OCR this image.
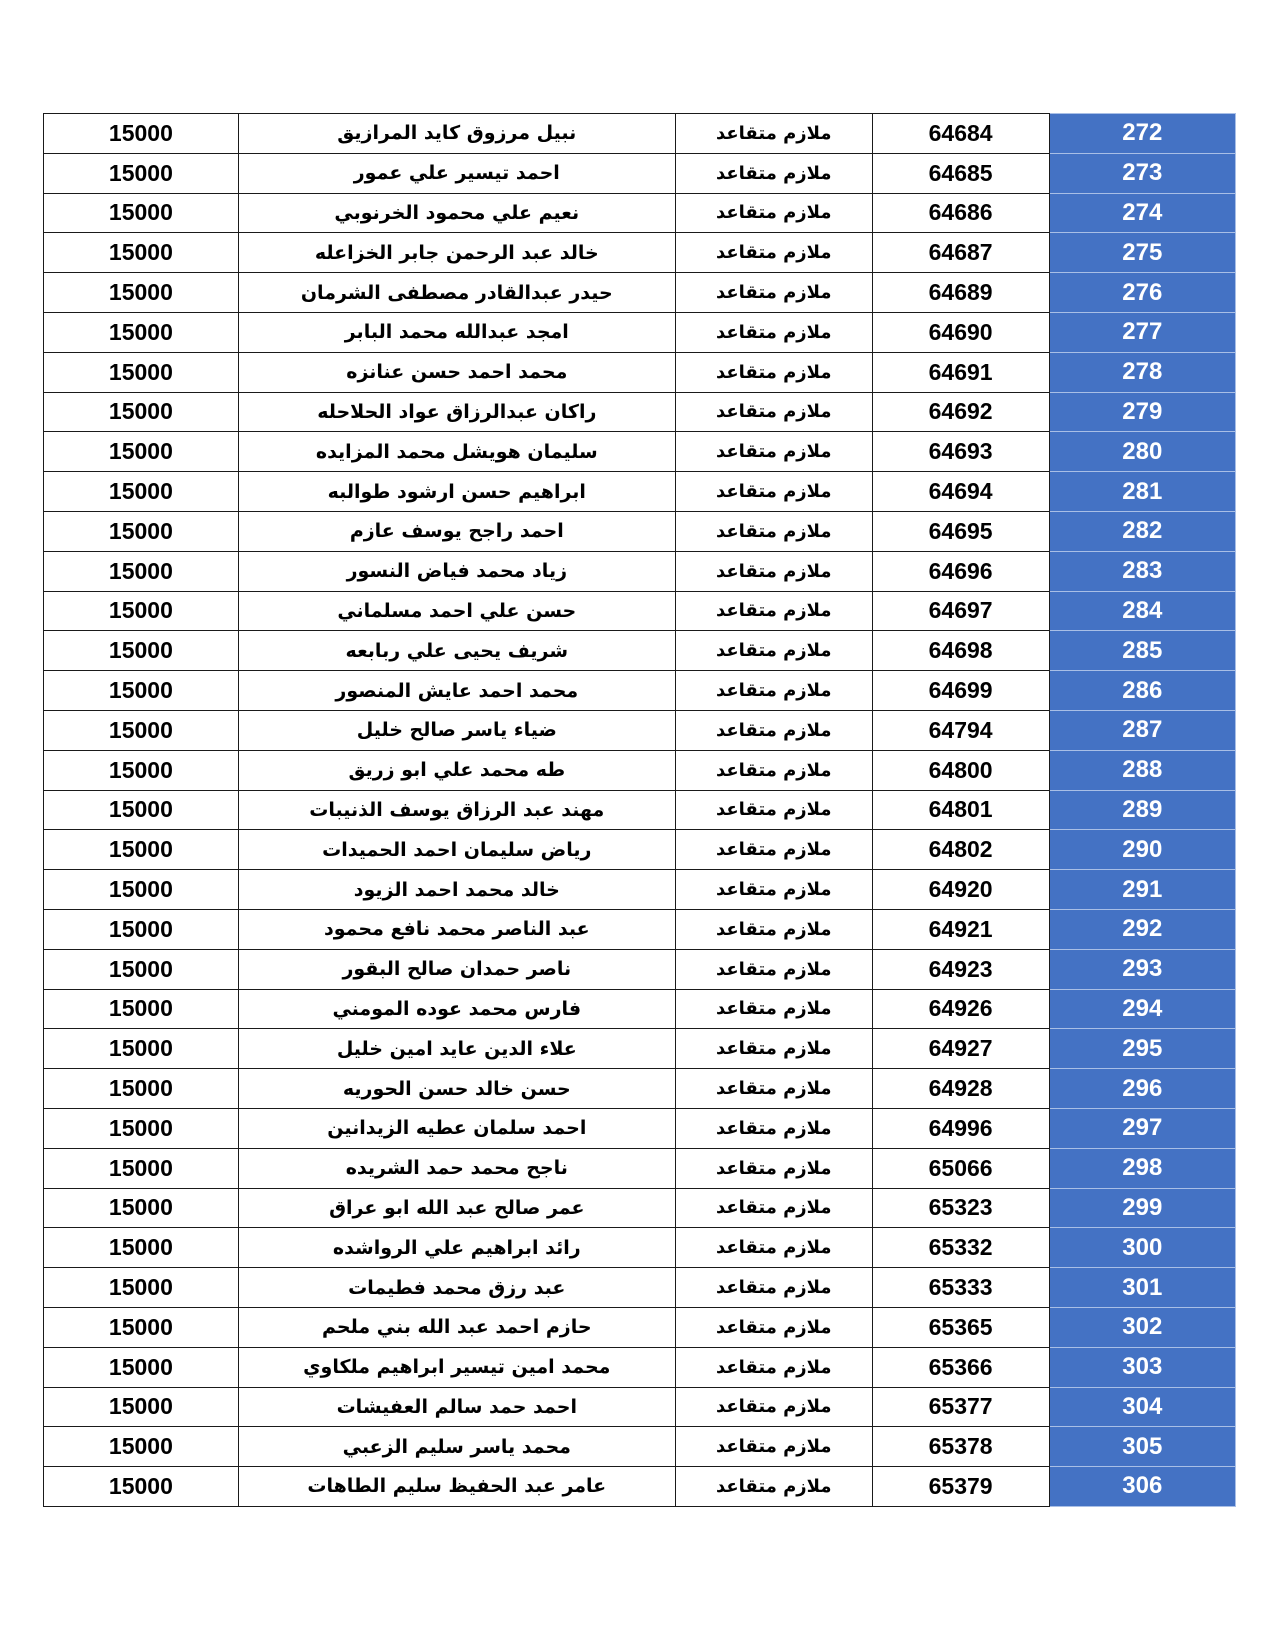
15000	نبيل مرزوق كايد المرازيق	ملازم متقاعد	64684	272
15000	احمد تيسير علي عمور	ملازم متقاعد	64685	273
15000	نعيم علي محمود الخرنوبي	ملازم متقاعد	64686	274
15000	خالد عبد الرحمن جابر الخزاعله	ملازم متقاعد	64687	275
15000	حيدر عبدالقادر مصطفى الشرمان	ملازم متقاعد	64689	276
15000	امجد عبدالله محمد البابر	ملازم متقاعد	64690	277
15000	محمد احمد حسن عنانزه	ملازم متقاعد	64691	278
15000	راكان عبدالرزاق عواد الحلاحله	ملازم متقاعد	64692	279
15000	سليمان هويشل محمد المزايده	ملازم متقاعد	64693	280
15000	ابراهيم حسن ارشود طوالبه	ملازم متقاعد	64694	281
15000	احمد راجح يوسف عازم	ملازم متقاعد	64695	282
15000	زياد محمد فياض النسور	ملازم متقاعد	64696	283
15000	حسن علي احمد مسلماني	ملازم متقاعد	64697	284
15000	شريف يحيى علي ربابعه	ملازم متقاعد	64698	285
15000	محمد احمد عايش المنصور	ملازم متقاعد	64699	286
15000	ضياء ياسر صالح خليل	ملازم متقاعد	64794	287
15000	طه محمد علي ابو زريق	ملازم متقاعد	64800	288
15000	مهند عبد الرزاق يوسف الذنيبات	ملازم متقاعد	64801	289
15000	رياض سليمان احمد الحميدات	ملازم متقاعد	64802	290
15000	خالد محمد احمد الزيود	ملازم متقاعد	64920	291
15000	عبد الناصر محمد نافع محمود	ملازم متقاعد	64921	292
15000	ناصر حمدان صالح البقور	ملازم متقاعد	64923	293
15000	فارس محمد عوده المومني	ملازم متقاعد	64926	294
15000	علاء الدين عايد امين خليل	ملازم متقاعد	64927	295
15000	حسن خالد حسن الحوريه	ملازم متقاعد	64928	296
15000	احمد سلمان عطيه الزيدانين	ملازم متقاعد	64996	297
15000	ناجح محمد حمد الشريده	ملازم متقاعد	65066	298
15000	عمر صالح عبد الله ابو عراق	ملازم متقاعد	65323	299
15000	رائد ابراهيم علي الرواشده	ملازم متقاعد	65332	300
15000	عبد رزق محمد فطيمات	ملازم متقاعد	65333	301
15000	حازم احمد عبد الله بني ملحم	ملازم متقاعد	65365	302
15000	محمد امين تيسير ابراهيم ملكاوي	ملازم متقاعد	65366	303
15000	احمد حمد سالم العفيشات	ملازم متقاعد	65377	304
15000	محمد ياسر سليم الزعبي	ملازم متقاعد	65378	305
15000	عامر عبد الحفيظ سليم الطاهات	ملازم متقاعد	65379	306
